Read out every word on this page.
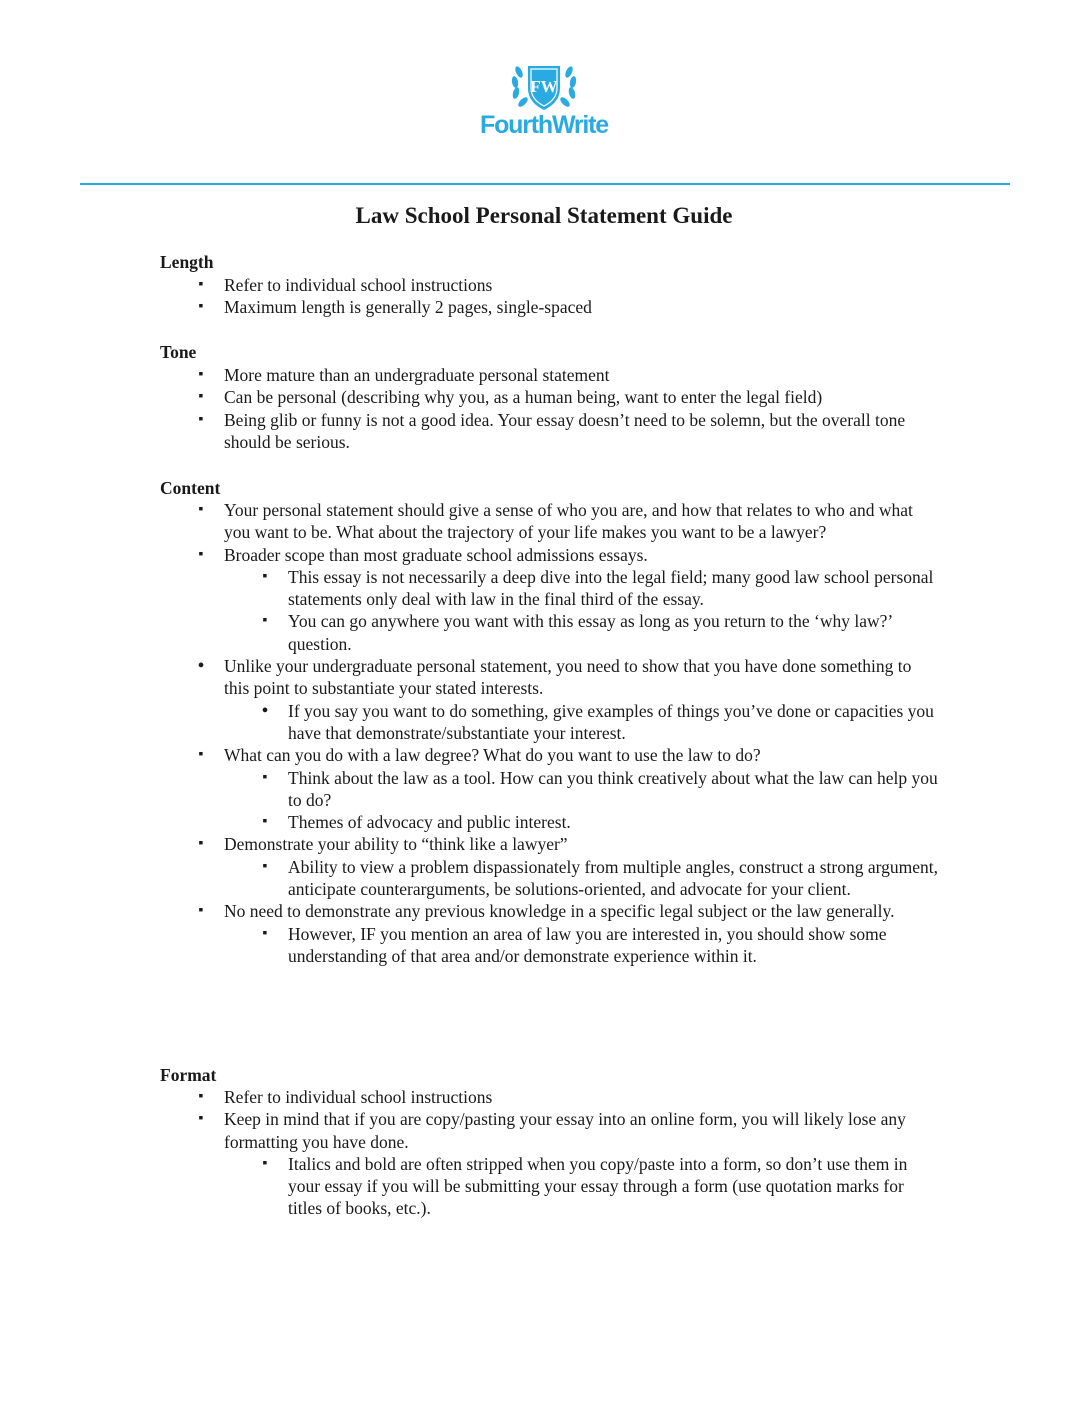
FW
FourthWrite
Law School Personal Statement Guide
Length
▪ Refer to individual school instructions
▪ Maximum length is generally 2 pages, single-spaced
Tone
▪ More mature than an undergraduate personal statement
▪ Can be personal (describing why you, as a human being, want to enter the legal field)
▪ Being glib or funny is not a good idea. Your essay doesn’t need to be solemn, but the overall tone should be serious.
Content
▪ Your personal statement should give a sense of who you are, and how that relates to who and what you want to be. What about the trajectory of your life makes you want to be a lawyer?
▪ Broader scope than most graduate school admissions essays.
▪ This essay is not necessarily a deep dive into the legal field; many good law school personal statements only deal with law in the final third of the essay.
▪ You can go anywhere you want with this essay as long as you return to the ‘why law?’ question.
• Unlike your undergraduate personal statement, you need to show that you have done something to this point to substantiate your stated interests.
• If you say you want to do something, give examples of things you’ve done or capacities you have that demonstrate/substantiate your interest.
▪ What can you do with a law degree? What do you want to use the law to do?
▪ Think about the law as a tool. How can you think creatively about what the law can help you to do?
▪ Themes of advocacy and public interest.
▪ Demonstrate your ability to “think like a lawyer”
▪ Ability to view a problem dispassionately from multiple angles, construct a strong argument, anticipate counterarguments, be solutions-oriented, and advocate for your client.
▪ No need to demonstrate any previous knowledge in a specific legal subject or the law generally.
▪ However, IF you mention an area of law you are interested in, you should show some understanding of that area and/or demonstrate experience within it.
Format
▪ Refer to individual school instructions
▪ Keep in mind that if you are copy/pasting your essay into an online form, you will likely lose any formatting you have done.
▪ Italics and bold are often stripped when you copy/paste into a form, so don’t use them in your essay if you will be submitting your essay through a form (use quotation marks for titles of books, etc.).
